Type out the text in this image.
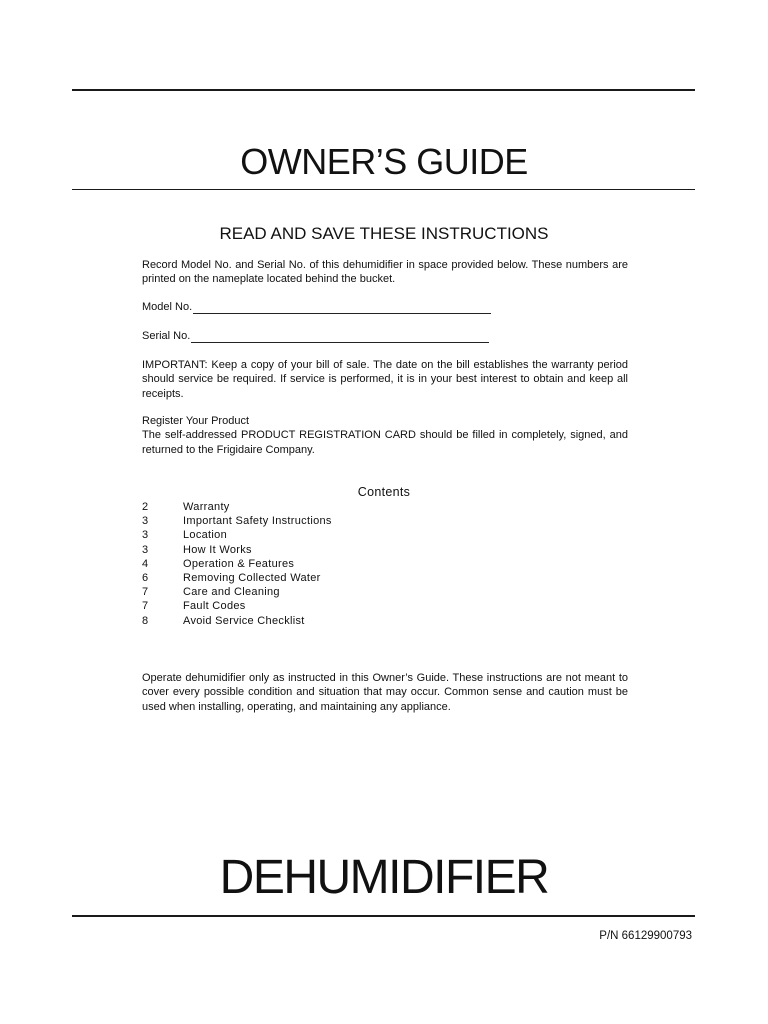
OWNER’S GUIDE
READ AND SAVE THESE INSTRUCTIONS
Record Model No. and Serial No. of this dehumidifier in space provided below. These numbers are printed on the nameplate located behind the bucket.
Model No.
Serial No.
IMPORTANT: Keep a copy of your bill of sale. The date on the bill establishes the warranty period should service be required. If service is performed, it is in your best interest to obtain and keep all receipts.
Register Your Product
The self-addressed PRODUCT REGISTRATION CARD should be filled in completely, signed, and returned to the Frigidaire Company.
Contents
2	Warranty
3	Important Safety Instructions
3	Location
3	How It Works
4	Operation & Features
6	Removing Collected Water
7	Care and Cleaning
7	Fault Codes
8	Avoid Service Checklist
Operate dehumidifier only as instructed in this Owner’s Guide. These instructions are not meant to cover every possible condition and situation that may occur. Common sense and caution must be used when installing, operating, and maintaining any appliance.
DEHUMIDIFIER
P/N 66129900793
